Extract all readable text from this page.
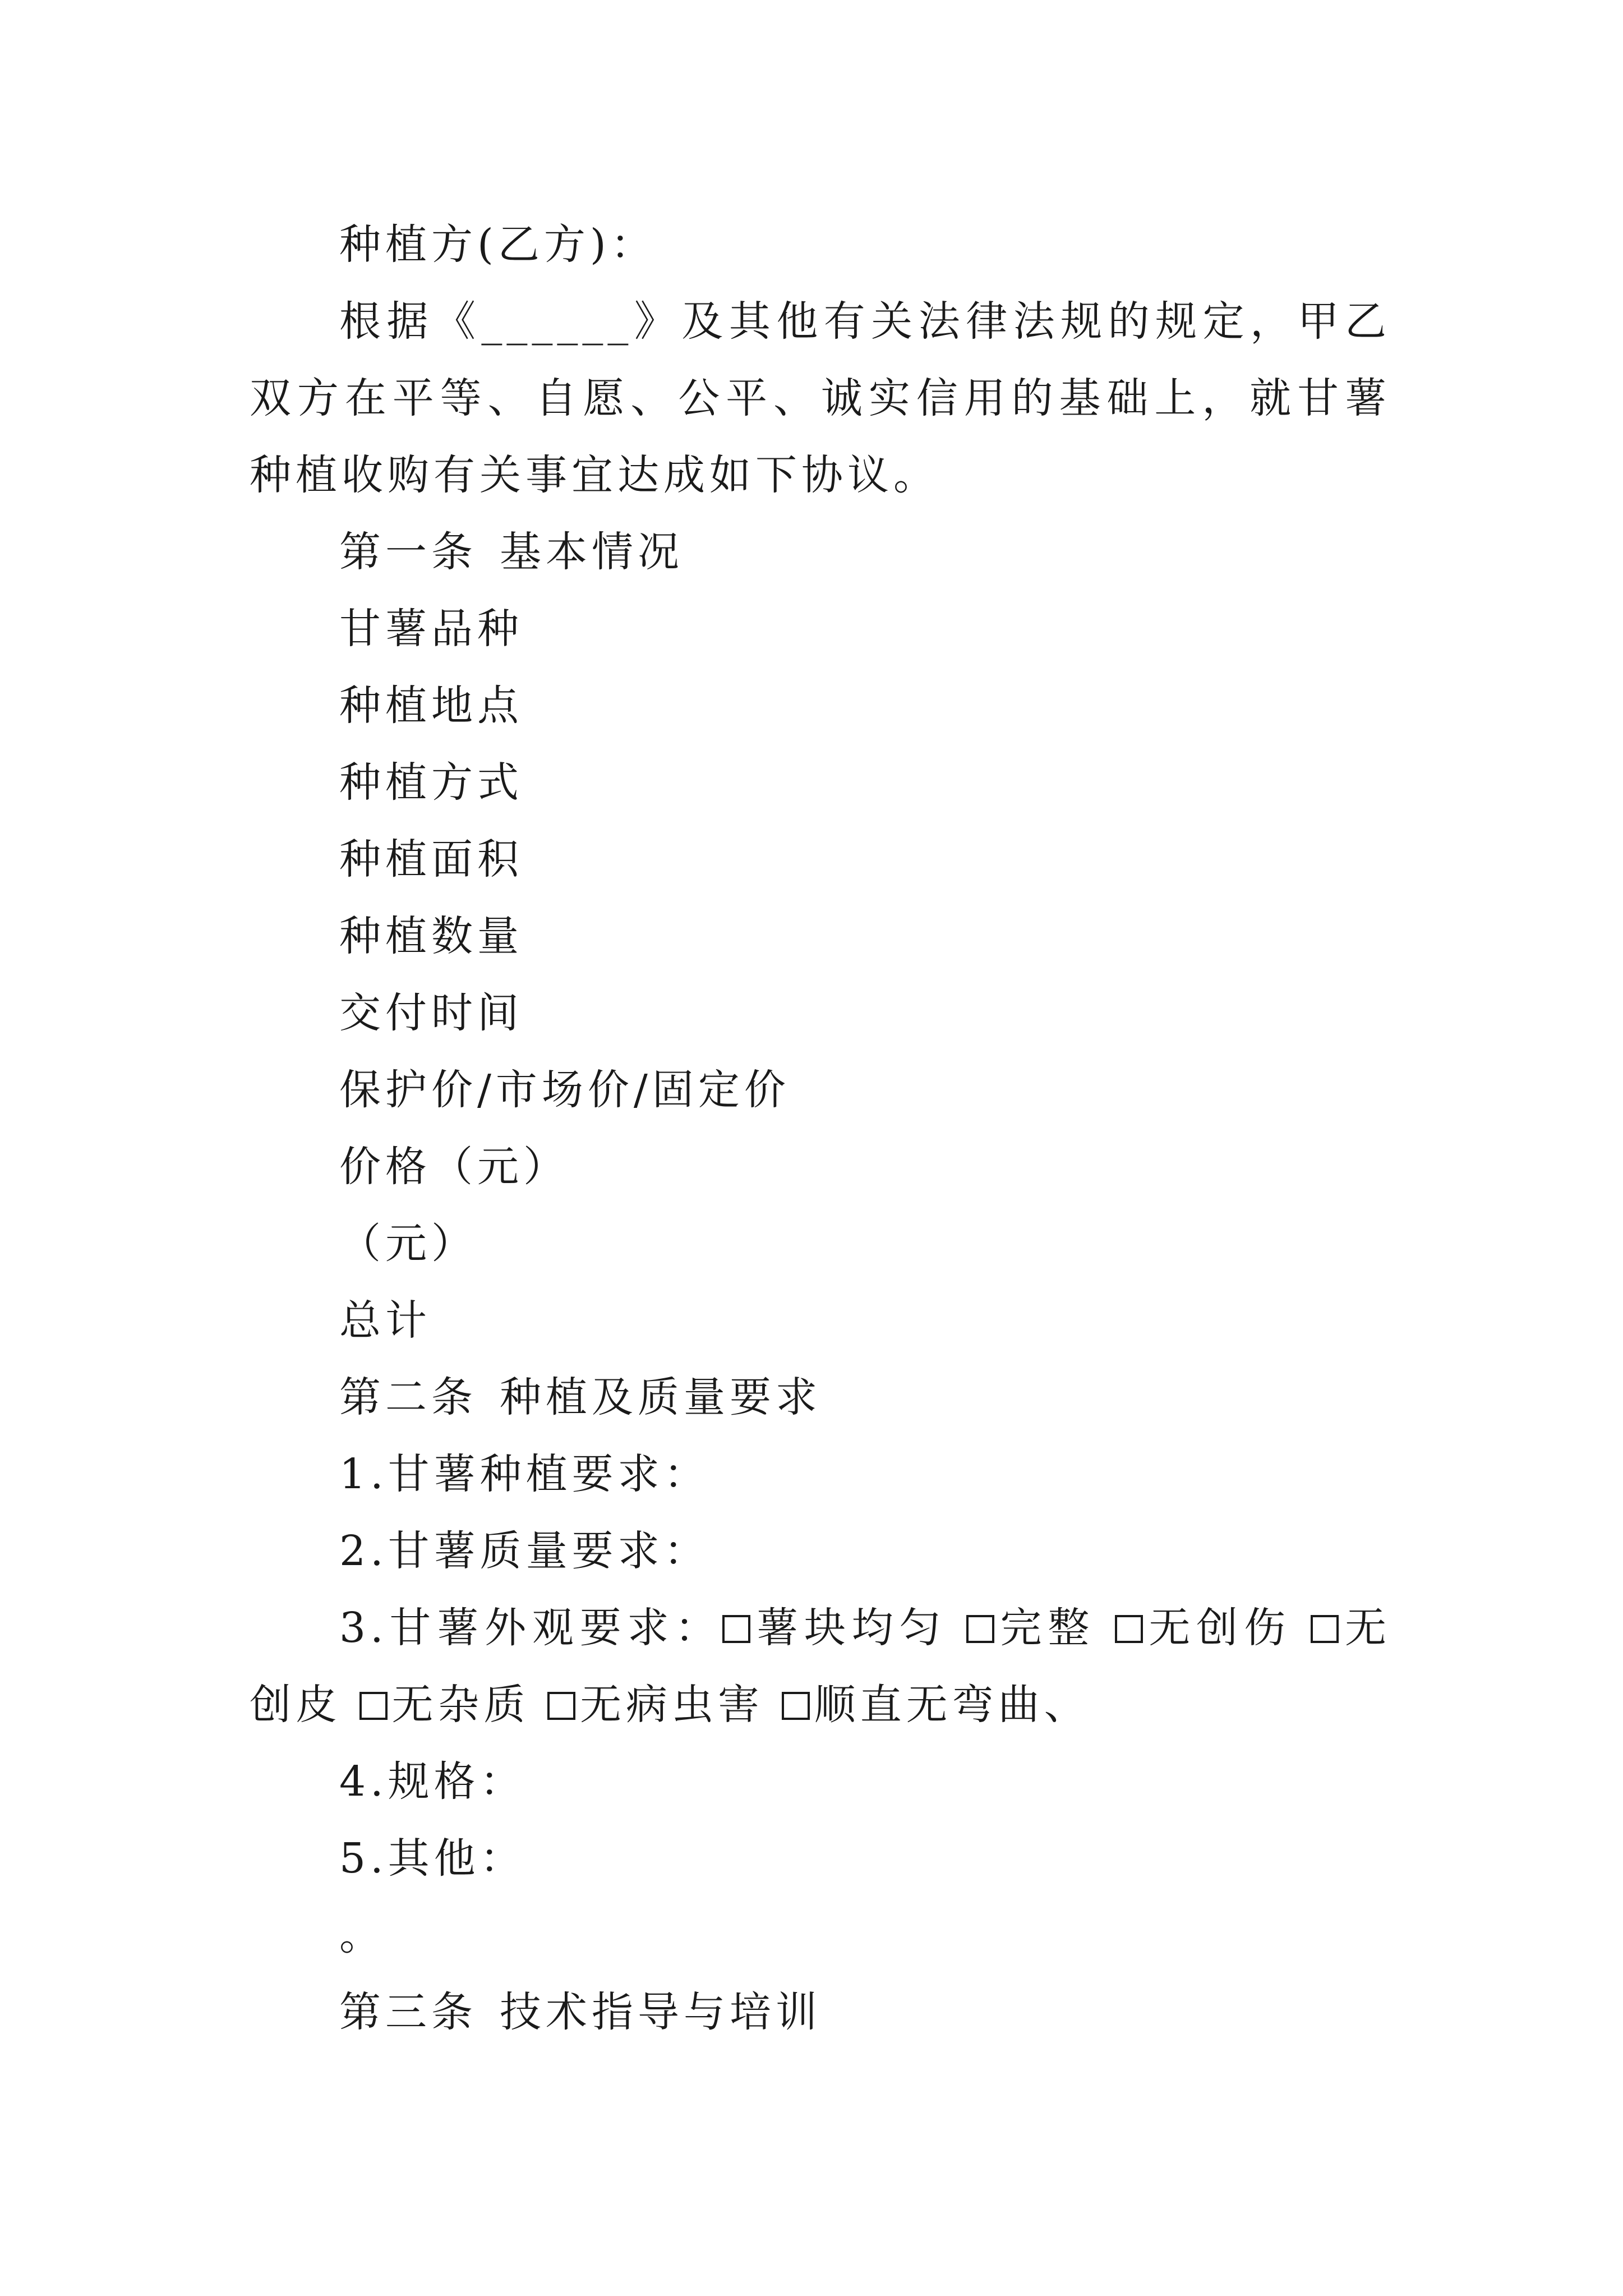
种植方(乙方)：
根据《______》及其他有关法律法规的规定，甲乙双方在平等、自愿、公平、诚实信用的基础上，就甘薯种植收购有关事宜达成如下协议。
第一条 基本情况
甘薯品种
种植地点
种植方式
种植面积
种植数量
交付时间
保护价/市场价/固定价
价格（元）
（元）
总计
第二条 种植及质量要求
1.甘薯种植要求：
2.甘薯质量要求：
3.甘薯外观要求： 薯块均匀 完整 无创伤 无创皮 无杂质 无病虫害 顺直无弯曲、
4.规格：
5.其他：
。
第三条 技术指导与培训
